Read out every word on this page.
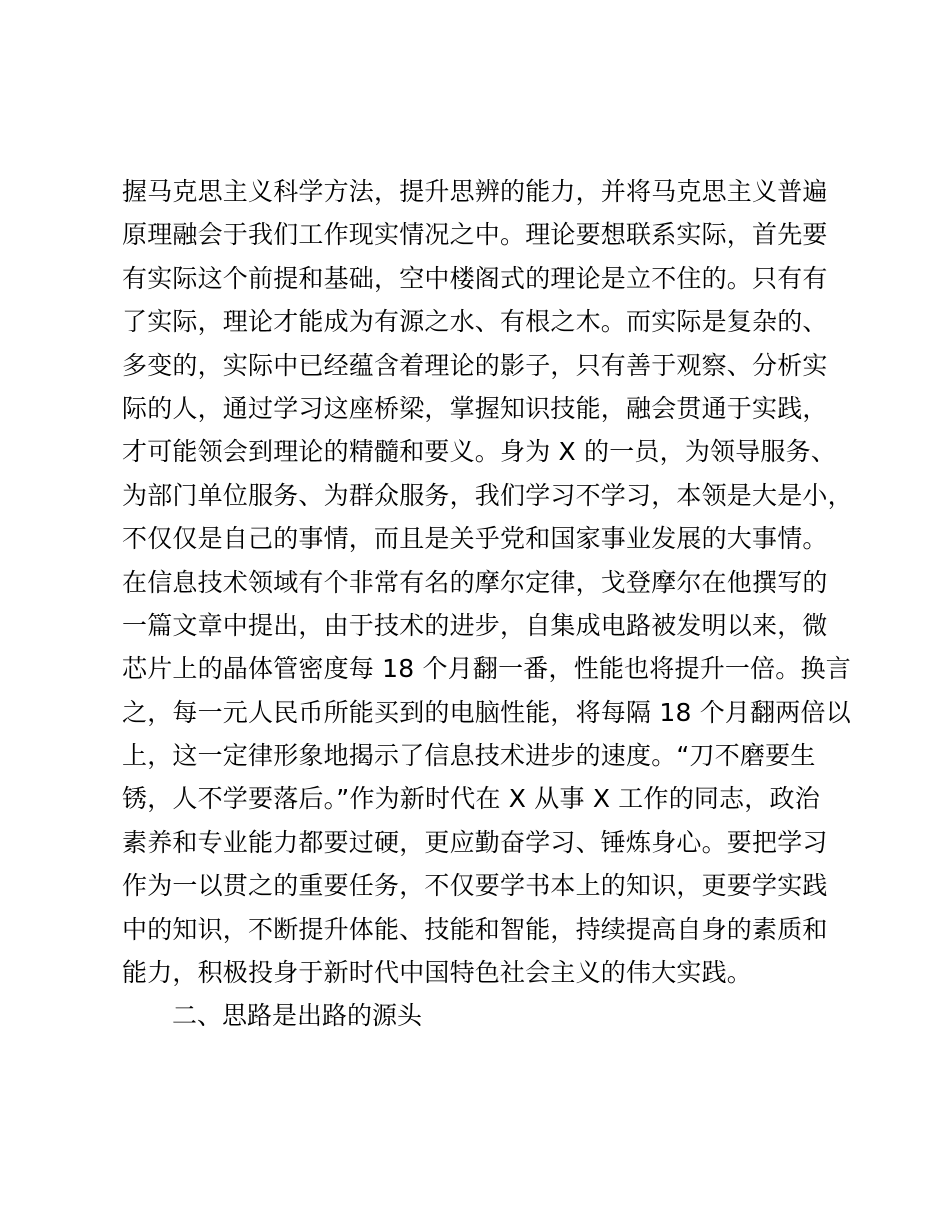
握马克思主义科学方法，提升思辨的能力，并将马克思主义普遍
原理融会于我们工作现实情况之中。理论要想联系实际，首先要
有实际这个前提和基础，空中楼阁式的理论是立不住的。只有有
了实际，理论才能成为有源之水、有根之木。而实际是复杂的、
多变的，实际中已经蕴含着理论的影子，只有善于观察、分析实
际的人，通过学习这座桥梁，掌握知识技能，融会贯通于实践，
才可能领会到理论的精髓和要义。身为 X 的一员，为领导服务、
为部门单位服务、为群众服务，我们学习不学习，本领是大是小，
不仅仅是自己的事情，而且是关乎党和国家事业发展的大事情。
在信息技术领域有个非常有名的摩尔定律，戈登摩尔在他撰写的
一篇文章中提出，由于技术的进步，自集成电路被发明以来，微
芯片上的晶体管密度每 18 个月翻一番，性能也将提升一倍。换言
之，每一元人民币所能买到的电脑性能，将每隔 18 个月翻两倍以
上，这一定律形象地揭示了信息技术进步的速度。“刀不磨要生
锈，人不学要落后。”作为新时代在 X 从事 X 工作的同志，政治
素养和专业能力都要过硬，更应勤奋学习、锤炼身心。要把学习
作为一以贯之的重要任务，不仅要学书本上的知识，更要学实践
中的知识，不断提升体能、技能和智能，持续提高自身的素质和
能力，积极投身于新时代中国特色社会主义的伟大实践。
二、思路是出路的源头
